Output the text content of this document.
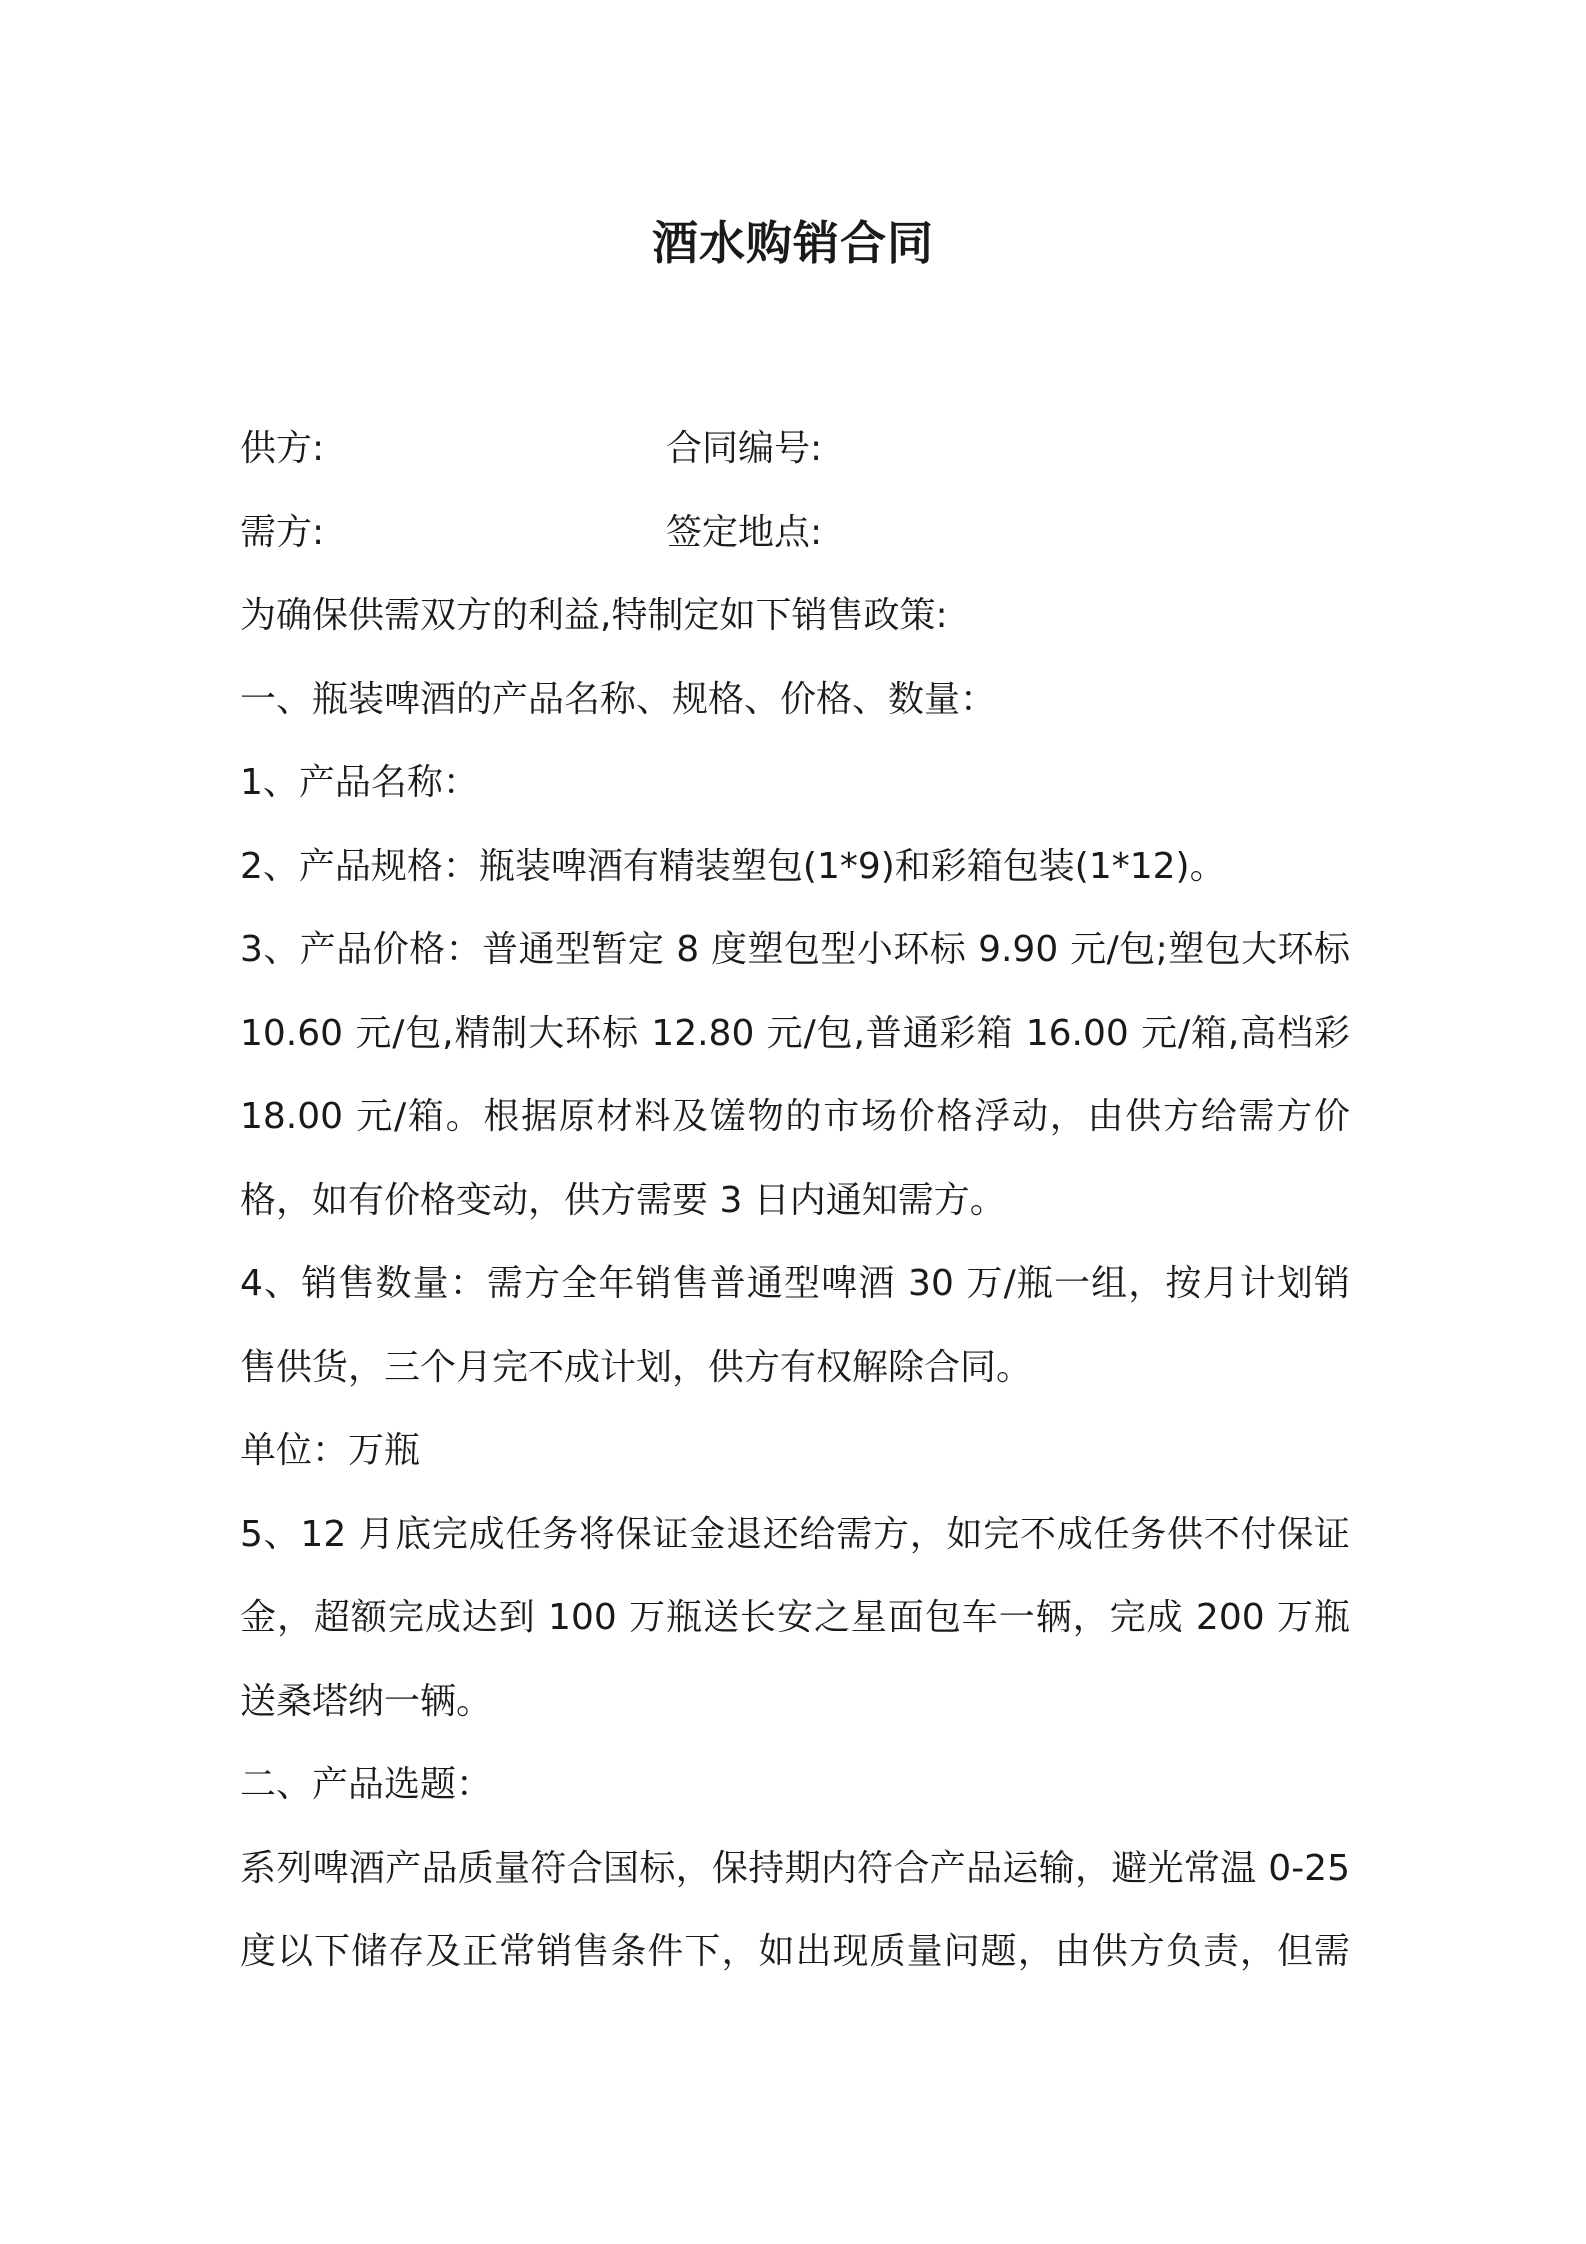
酒水购销合同
供方:	合同编号:
需方:	签定地点:
为确保供需双方的利益,特制定如下销售政策:
一、瓶装啤酒的产品名称、规格、价格、数量：
1、产品名称：
2、产品规格：瓶装啤酒有精装塑包(1*9)和彩箱包装(1*12)。
3、产品价格：普通型暂定 8 度塑包型小环标 9.90 元/包;塑包大环标
10.60 元/包,精制大环标 12.80 元/包,普通彩箱 16.00 元/箱,高档彩
18.00 元/箱。根据原材料及馐物的市场价格浮动，由供方给需方价
格，如有价格变动，供方需要 3 日内通知需方。
4、销售数量：需方全年销售普通型啤酒 30 万/瓶一组，按月计划销
售供货，三个月完不成计划，供方有权解除合同。
单位：万瓶
5、12 月底完成任务将保证金退还给需方，如完不成任务供不付保证
金，超额完成达到 100 万瓶送长安之星面包车一辆，完成 200 万瓶
送桑塔纳一辆。
二、产品选题：
系列啤酒产品质量符合国标，保持期内符合产品运输，避光常温 0-25
度以下储存及正常销售条件下，如出现质量问题，由供方负责，但需
